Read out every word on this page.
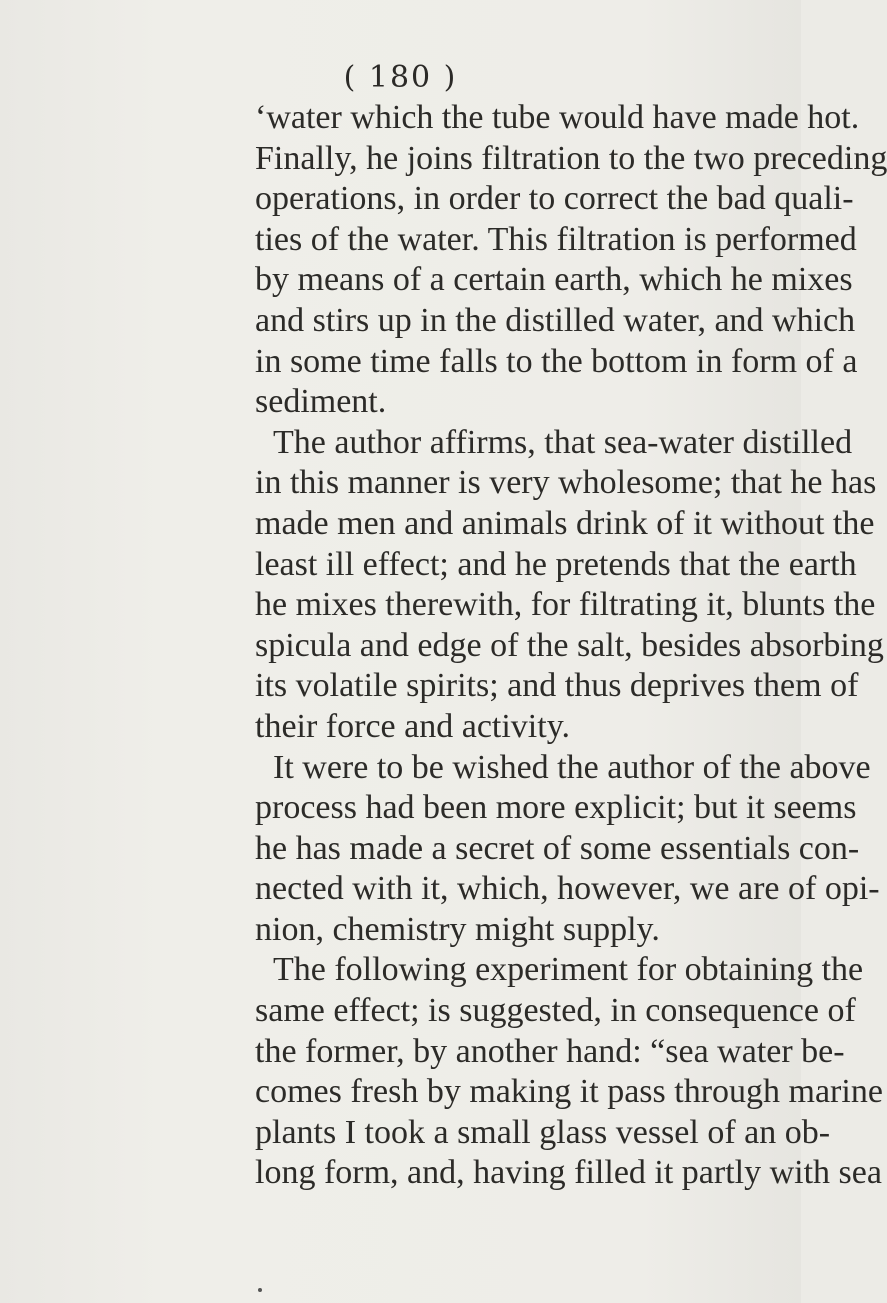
( 180 )
‘water which the tube would have made hot.
Finally, he joins filtration to the two preceding
operations, in order to correct the bad quali-
ties of the water. This filtration is performed
by means of a certain earth, which he mixes
and stirs up in the distilled water, and which
in some time falls to the bottom in form of a
sediment.
The author affirms, that sea-water distilled
in this manner is very wholesome; that he has
made men and animals drink of it without the
least ill effect; and he pretends that the earth
he mixes therewith, for filtrating it, blunts the
spicula and edge of the salt, besides absorbing
its volatile spirits; and thus deprives them of
their force and activity.
It were to be wished the author of the above
process had been more explicit; but it seems
he has made a secret of some essentials con-
nected with it, which, however, we are of opi-
nion, chemistry might supply.
The following experiment for obtaining the
same effect; is suggested, in consequence of
the former, by another hand: “sea water be-
comes fresh by making it pass through marine
plants I took a small glass vessel of an ob-
long form, and, having filled it partly with sea
